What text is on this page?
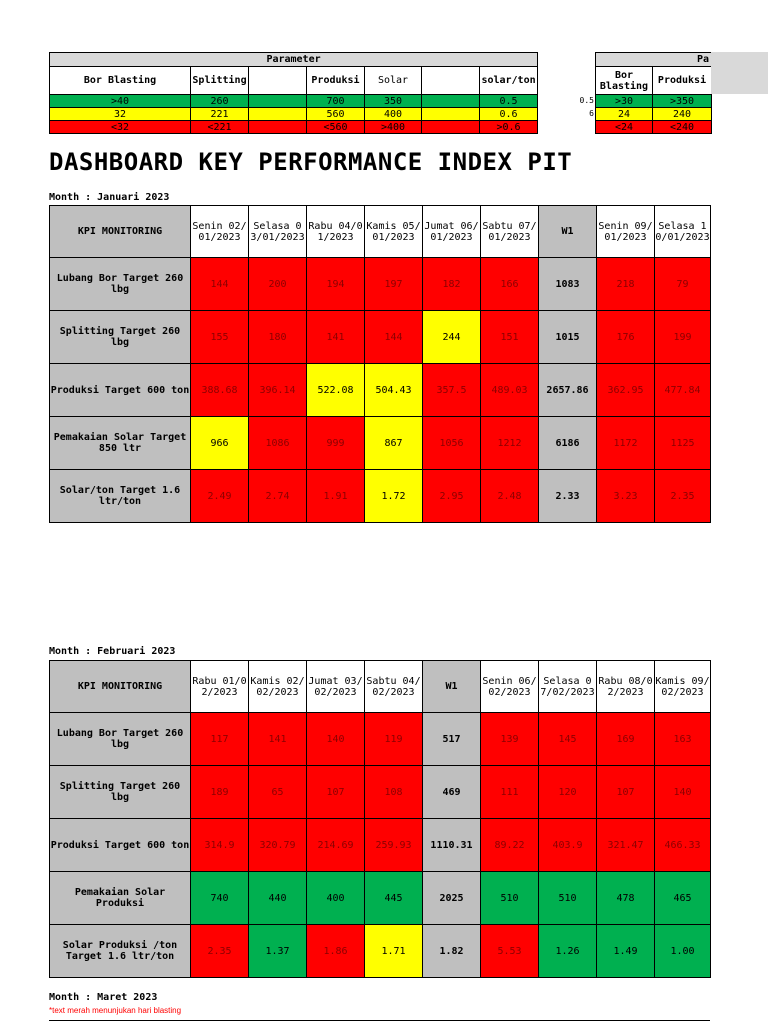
Parameter						
Bor Blasting	Splitting		Produksi	Solar		solar/ton
>40	260		700	350		0.5
32	221		560	400		0.6
<32	<221		<560	>400		>0.6
0.5
6
Pa	
Bor Blasting	Produksi
>30	>350
24	240
<24	<240
DASHBOARD KEY PERFORMANCE INDEX PIT
Month : Januari 2023
KPI MONITORING	Senin 02/01/2023	Selasa 03/01/2023	Rabu 04/01/2023	Kamis 05/01/2023	Jumat 06/01/2023	Sabtu 07/01/2023	W1	Senin 09/01/2023	Selasa 10/01/2023
Lubang Bor Target 260 lbg	144	200	194	197	182	166	1083	218	79
Splitting Target 260 lbg	155	180	141	144	244	151	1015	176	199
Produksi Target 600 ton	388.68	396.14	522.08	504.43	357.5	489.03	2657.86	362.95	477.84
Pemakaian Solar Target 850 ltr	966	1086	999	867	1056	1212	6186	1172	1125
Solar/ton Target 1.6 ltr/ton	2.49	2.74	1.91	1.72	2.95	2.48	2.33	3.23	2.35
Month : Februari 2023
KPI MONITORING	Rabu 01/02/2023	Kamis 02/02/2023	Jumat 03/02/2023	Sabtu 04/02/2023	W1	Senin 06/02/2023	Selasa 07/02/2023	Rabu 08/02/2023	Kamis 09/02/2023
Lubang Bor Target 260 lbg	117	141	140	119	517	139	145	169	163
Splitting Target 260 lbg	189	65	107	108	469	111	120	107	140
Produksi Target 600 ton	314.9	320.79	214.69	259.93	1110.31	89.22	403.9	321.47	466.33
Pemakaian Solar Produksi	740	440	400	445	2025	510	510	478	465
Solar Produksi /ton Target 1.6 ltr/ton	2.35	1.37	1.86	1.71	1.82	5.53	1.26	1.49	1.00
Month : Maret 2023
*text merah menunjukan hari blasting
